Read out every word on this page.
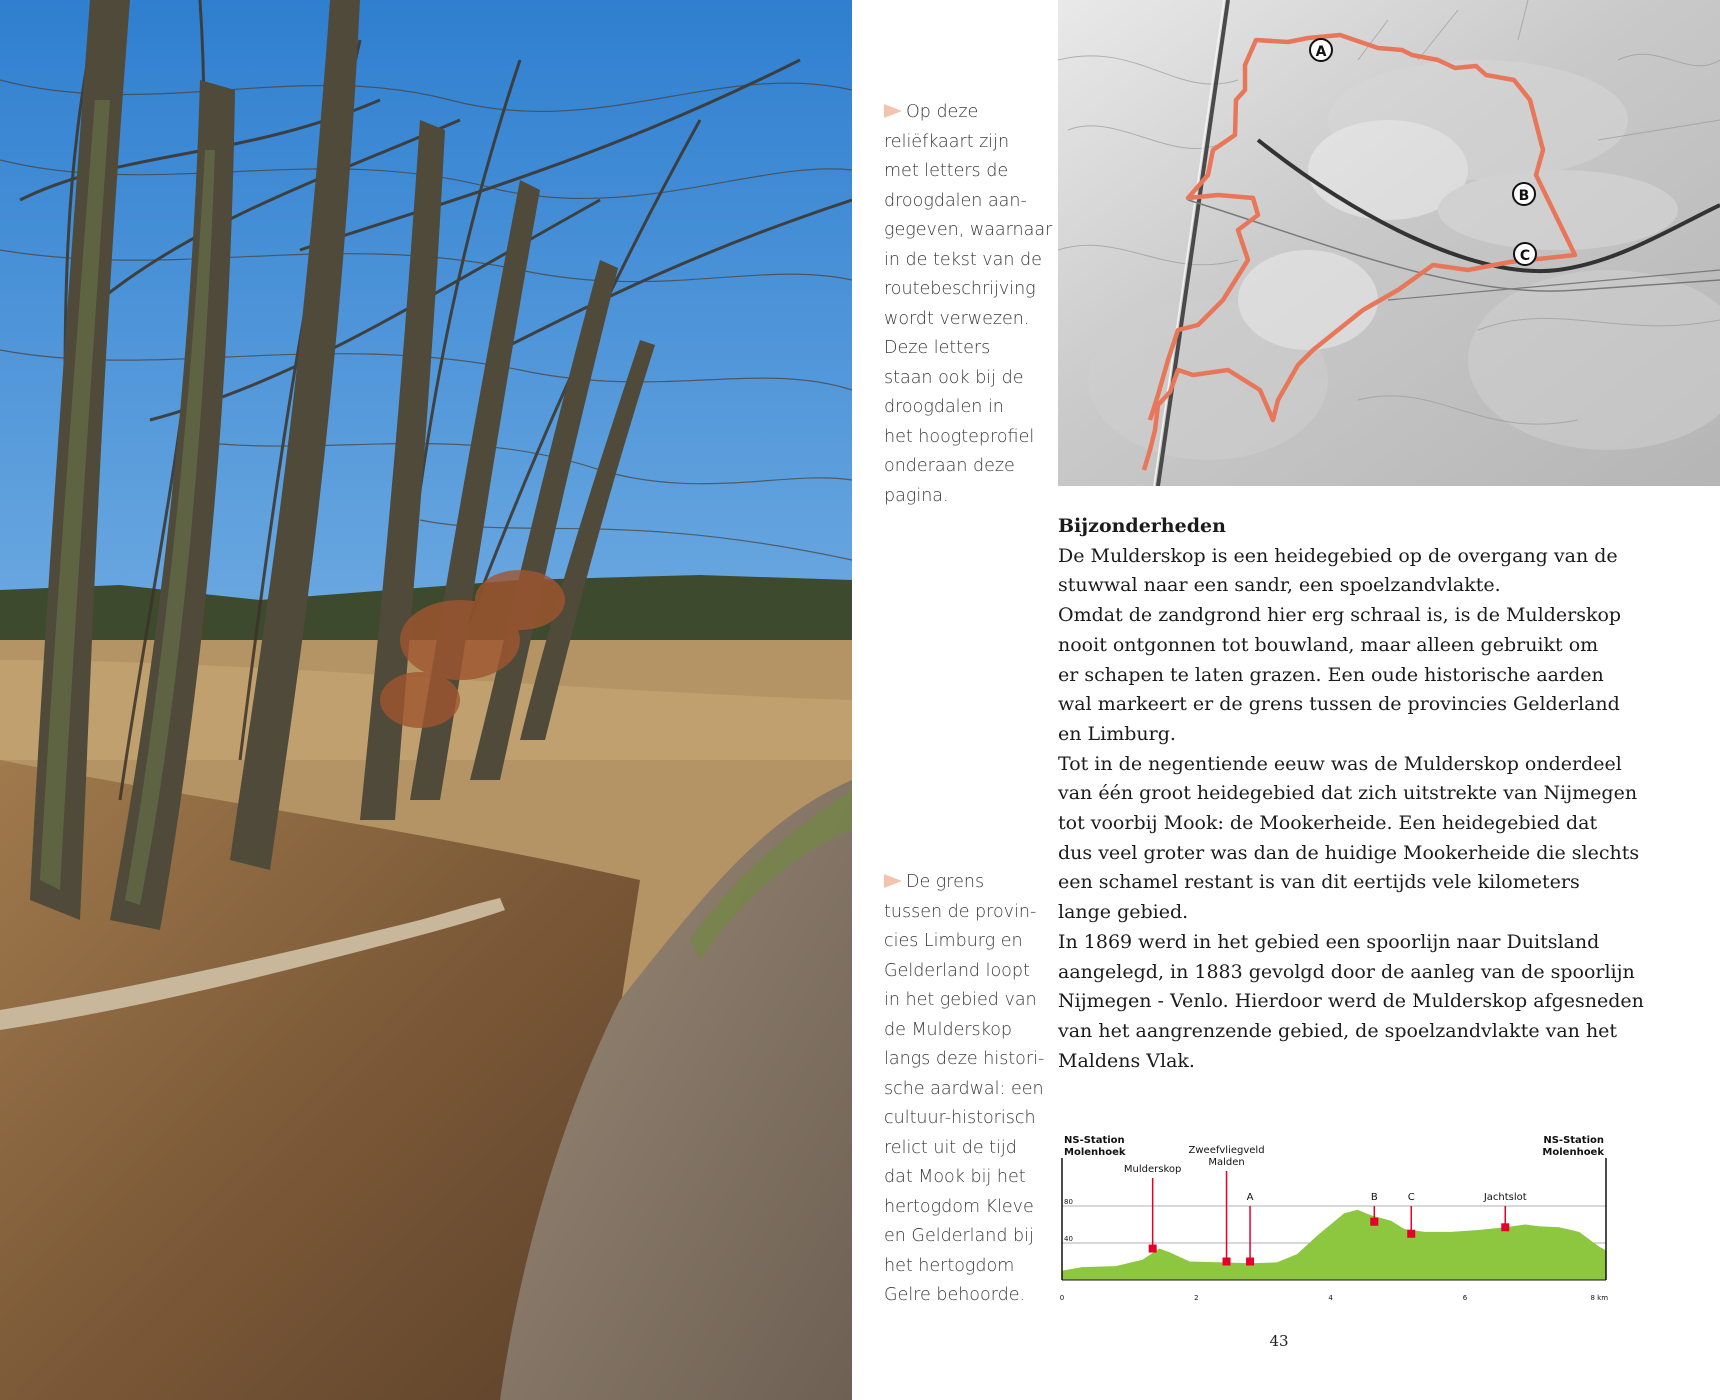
Op deze
reliëfkaart zijn
met letters de
droogdalen aan-
gegeven, waarnaar
in de tekst van de
routebeschrijving
wordt verwezen.
Deze letters
staan ook bij de
droogdalen in
het hoogteprofiel
onderaan deze
pagina.
De grens
tussen de provin-
cies Limburg en
Gelderland loopt
in het gebied van
de Mulderskop
langs deze histori-
sche aardwal: een
cultuur-historisch
relict uit de tijd
dat Mook bij het
hertogdom Kleve
en Gelderland bij
het hertogdom
Gelre behoorde.
A
B
C
Bijzonderheden
De Mulderskop is een heidegebied op de overgang van de
stuwwal naar een sandr, een spoelzandvlakte.
Omdat de zandgrond hier erg schraal is, is de Mulderskop
nooit ontgonnen tot bouwland, maar alleen gebruikt om
er schapen te laten grazen. Een oude historische aarden
wal markeert er de grens tussen de provincies Gelderland
en Limburg.
Tot in de negentiende eeuw was de Mulderskop onderdeel
van één groot heidegebied dat zich uitstrekte van Nijmegen
tot voorbij Mook: de Mookerheide. Een heidegebied dat
dus veel groter was dan de huidige Mookerheide die slechts
een schamel restant is van dit eertijds vele kilometers
lange gebied.
In 1869 werd in het gebied een spoorlijn naar Duitsland
aangelegd, in 1883 gevolgd door de aanleg van de spoorlijn
Nijmegen - Venlo. Hierdoor werd de Mulderskop afgesneden
van het aangrenzende gebied, de spoelzandvlakte van het
Maldens Vlak.
40
80
0	2	4	6	8 km
NS-Station
Molenhoek
NS-Station
Molenhoek
Mulderskop
Zweefvliegveld
Malden
A	B	C	Jachtslot
43
